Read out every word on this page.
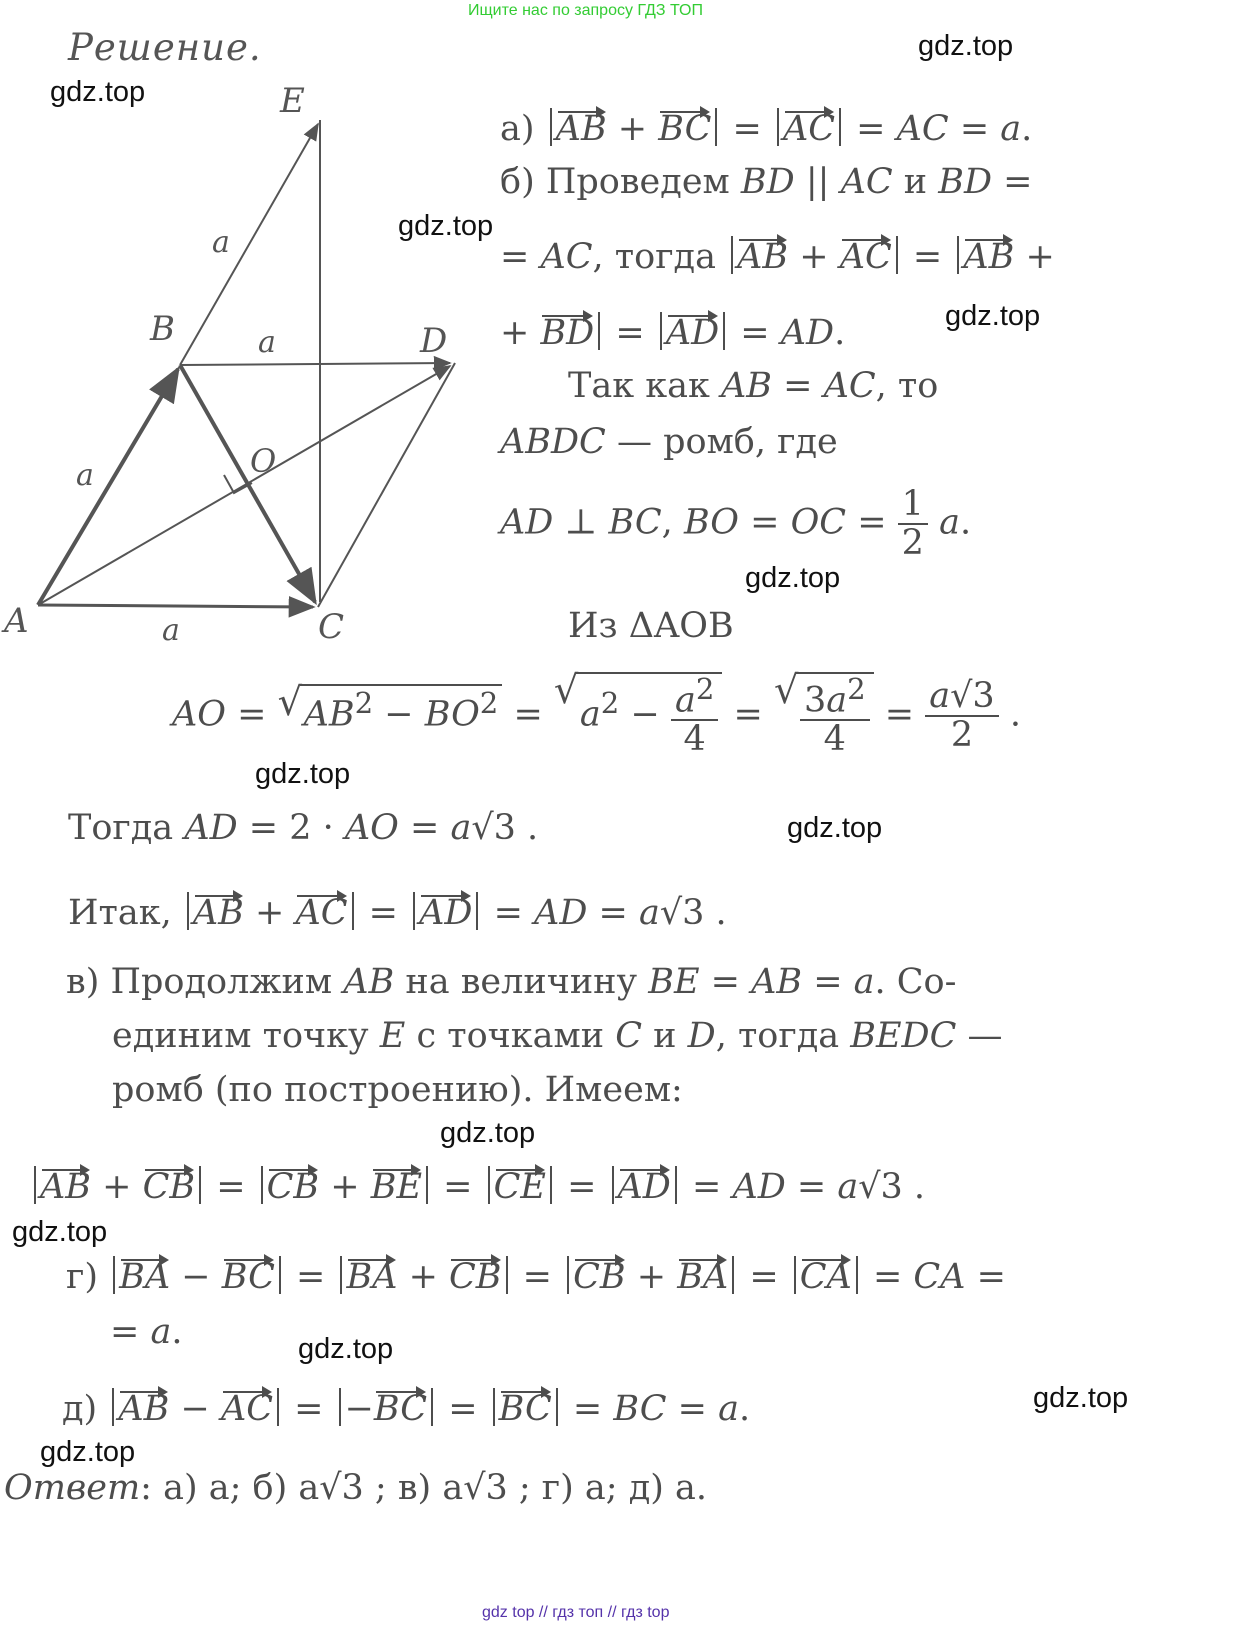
Ищите нас по запросу ГДЗ ТОП
Решение.	gdz.top
gdz.top
gdz.top
gdz.top
gdz.top
gdz.top
gdz.top
gdz.top
gdz.top
gdz.top
gdz.top
gdz.top
A
B
C
D
E
O
a
a
a
a
а) AB + BC = AC = AC = a.
б) Проведем BD || AC и BD =
= AC, тогда AB + AC = AB +
+ BD = AD = AD.
Так как AB = AC, то
ABDC — ромб, где
AD ⊥ BC, BO = OC = $\frac{1}{2} a$.
Из ΔAOB
AO = √ $AB^2 - BO^2$ =
√
$a^2 - \frac{a^2}{4}$ =
√ $\frac{3a^2}{4} = \frac{a√3}{2}$ .
Тогда AD = 2 · AO = a√3 .
Итак, AB + AC = AD = AD = a√3 .
в) Продолжим AB на величину BE = AB = a. Со-
единим точку E с точками C и D, тогда BEDC —
ромб (по построению). Имеем:
AB + CB = CB + BE = CE = AD = AD = a√3 .
г) BA − BC = BA + CB = CB + BA = CA = CA =
= a.
д) AB − AC = −BC = BC = BC = a.
Ответ: а) a; б) a√3 ; в) a√3 ; г) a; д) a.
gdz top // гдз топ // гдз top
